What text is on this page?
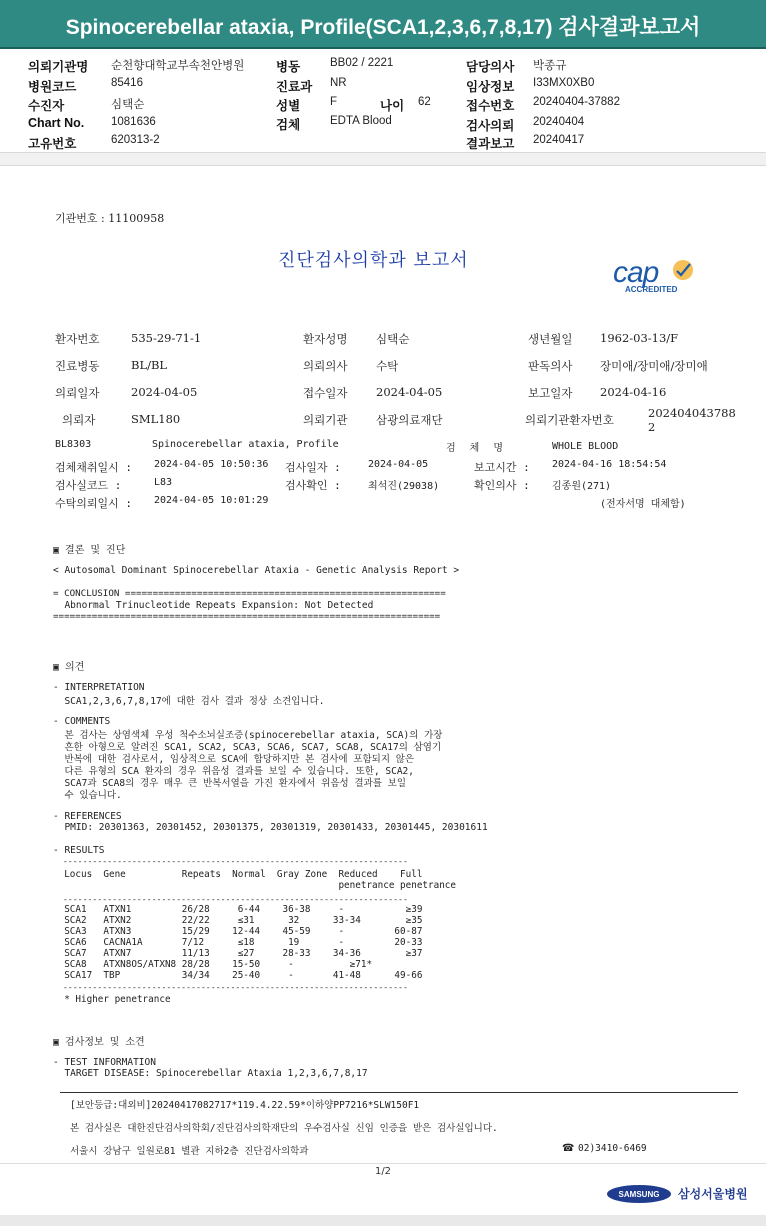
Spinocerebellar ataxia, Profile(SCA1,2,3,6,7,8,17) 검사결과보고서
의뢰기관명 순천향대학교부속천안병원
병원코드	85416
수진자	심택순
Chart No. 1081636
고유번호	620313-2
병동	BB02 / 2221
진료과 NR
성별	F	나이 62
검체	EDTA Blood
담당의사 박종규
임상정보 I33MX0XB0
접수번호 20240404-37882
검사의뢰 20240404
결과보고 20240417
기관번호 : 11100958
진단검사의학과 보고서	cap
ACCREDITED
환자번호	535-29-71-1	환자성명 심택순	생년월일 1962-03-13/F
진료병동	BL/BL	의뢰의사 수탁	판독의사 장미애/장미애/장미애
의뢰일자	2024-04-05	접수일자 2024-04-05	보고일자 2024-04-16
의뢰자	SML180	의뢰기관 삼광의료재단	의뢰기관환자번호	202404043788
2
BL8303	Spinocerebellar ataxia, Profile	검 체 명	WHOLE BLOOD
검체채취일시 : 2024-04-05 10:50:36 검사일자 :	2024-04-05	보고시간 : 2024-04-16 18:54:54
검사실코드 :	L83	검사확인 :	최석진(29038)	확인의사 : 김종원(271)
수탁의뢰일시 : 2024-04-05 10:01:29	(전자서명 대체함)
▣ 결론 및 진단
< Autosomal Dominant Spinocerebellar Ataxia - Genetic Analysis Report >
= CONCLUSION ==========================================================
Abnormal Trinucleotide Repeats Expansion: Not Detected
======================================================================
▣ 의견
- INTERPRETATION
SCA1,2,3,6,7,8,17에 대한 검사 결과 정상 소견입니다.
- COMMENTS
본 검사는 상염색체 우성 척수소뇌실조증(spinocerebellar ataxia, SCA)의 가장
흔한 아형으로 알려진 SCA1, SCA2, SCA3, SCA6, SCA7, SCA8, SCA17의 삼염기
반복에 대한 검사로서, 임상적으로 SCA에 합당하지만 본 검사에 포함되지 않은
다른 유형의 SCA 환자의 경우 위음성 결과를 보일 수 있습니다. 또한, SCA2,
SCA7과 SCA8의 경우 매우 큰 반복서열을 가진 환자에서 위음성 결과를 보일
수 있습니다.
- REFERENCES
PMID: 20301363, 20301452, 20301375, 20301319, 20301433, 20301445, 20301611
- RESULTS
----------------------------------------------------------------------
Locus  Gene          Repeats  Normal  Gray Zone  Reduced    Full
penetrance penetrance
----------------------------------------------------------------------
SCA1   ATXN1         26/28     6-44    36-38     -           ≥39
SCA2   ATXN2         22/22     ≤31      32      33-34        ≥35
SCA3   ATXN3         15/29    12-44    45-59     -         60-87
SCA6   CACNA1A       7/12      ≤18      19       -         20-33
SCA7   ATXN7         11/13     ≤27     28-33    34-36        ≥37
SCA8   ATXN8OS/ATXN8 28/28    15-50     -          ≥71*
SCA17  TBP           34/34    25-40     -       41-48      49-66
----------------------------------------------------------------------
* Higher penetrance
▣ 검사정보 및 소견
- TEST INFORMATION
TARGET DISEASE: Spinocerebellar Ataxia 1,2,3,6,7,8,17
[보안등급:대외비]20240417082717*119.4.22.59*이하양PP7216*SLW150F1
본 검사실은 대한진단검사의학회/진단검사의학재단의 우수검사실 신임 인증을 받은 검사실입니다.
서울시 강남구 일원로81 별관 지하2층 진단검사의학과	☎ 02)3410-6469
1/2
SAMSUNG 삼성서울병원
